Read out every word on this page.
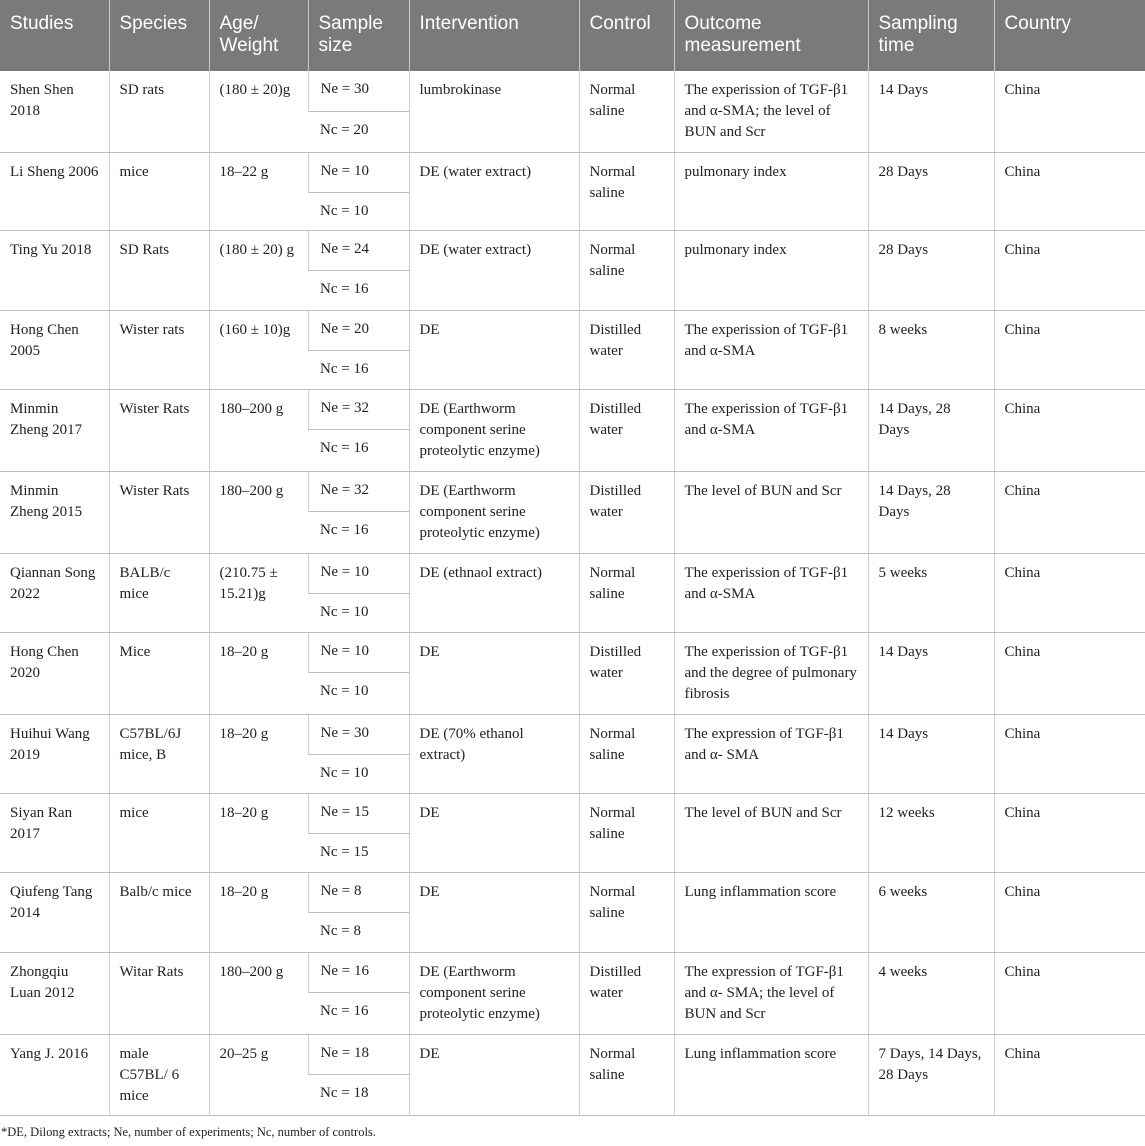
Studies	Species	Age/ Weight	Sample size	Intervention	Control	Outcome measurement	Sampling time	Country
Shen Shen 2018	SD rats	(180 ± 20)g	Ne = 30	lumbrokinase	Normal saline	The experission of TGF-β1 and α-SMA; the level of BUN and Scr	14 Days	China
			Nc = 20					
Li Sheng 2006	mice	18–22 g	Ne = 10	DE (water extract)	Normal saline	pulmonary index	28 Days	China
			Nc = 10					
Ting Yu 2018	SD Rats	(180 ± 20) g	Ne = 24	DE (water extract)	Normal saline	pulmonary index	28 Days	China
			Nc = 16					
Hong Chen 2005	Wister rats	(160 ± 10)g	Ne = 20	DE	Distilled water	The experission of TGF-β1 and α-SMA	8 weeks	China
			Nc = 16					
Minmin Zheng 2017	Wister Rats	180–200 g	Ne = 32	DE (Earthworm component serine proteolytic enzyme)	Distilled water	The experission of TGF-β1 and α-SMA	14 Days, 28 Days	China
			Nc = 16					
Minmin Zheng 2015	Wister Rats	180–200 g	Ne = 32	DE (Earthworm component serine proteolytic enzyme)	Distilled water	The level of BUN and Scr	14 Days, 28 Days	China
			Nc = 16					
Qiannan Song 2022	BALB/c mice	(210.75 ± 15.21)g	Ne = 10	DE (ethnaol extract)	Normal saline	The experission of TGF-β1 and α-SMA	5 weeks	China
			Nc = 10					
Hong Chen 2020	Mice	18–20 g	Ne = 10	DE	Distilled water	The experission of TGF-β1 and the degree of pulmonary fibrosis	14 Days	China
			Nc = 10					
Huihui Wang 2019	C57BL/6J mice, B	18–20 g	Ne = 30	DE (70% ethanol extract)	Normal saline	The expression of TGF-β1 and α- SMA	14 Days	China
			Nc = 10					
Siyan Ran 2017	mice	18–20 g	Ne = 15	DE	Normal saline	The level of BUN and Scr	12 weeks	China
			Nc = 15					
Qiufeng Tang 2014	Balb/c mice	18–20 g	Ne = 8	DE	Normal saline	Lung inflammation score	6 weeks	China
			Nc = 8					
Zhongqiu Luan 2012	Witar Rats	180–200 g	Ne = 16	DE (Earthworm component serine proteolytic enzyme)	Distilled water	The expression of TGF-β1 and α- SMA; the level of BUN and Scr	4 weeks	China
			Nc = 16					
Yang J. 2016	male C57BL/ 6 mice	20–25 g	Ne = 18	DE	Normal saline	Lung inflammation score	7 Days, 14 Days, 28 Days	China
			Nc = 18					
*DE, Dilong extracts; Ne, number of experiments; Nc, number of controls.
